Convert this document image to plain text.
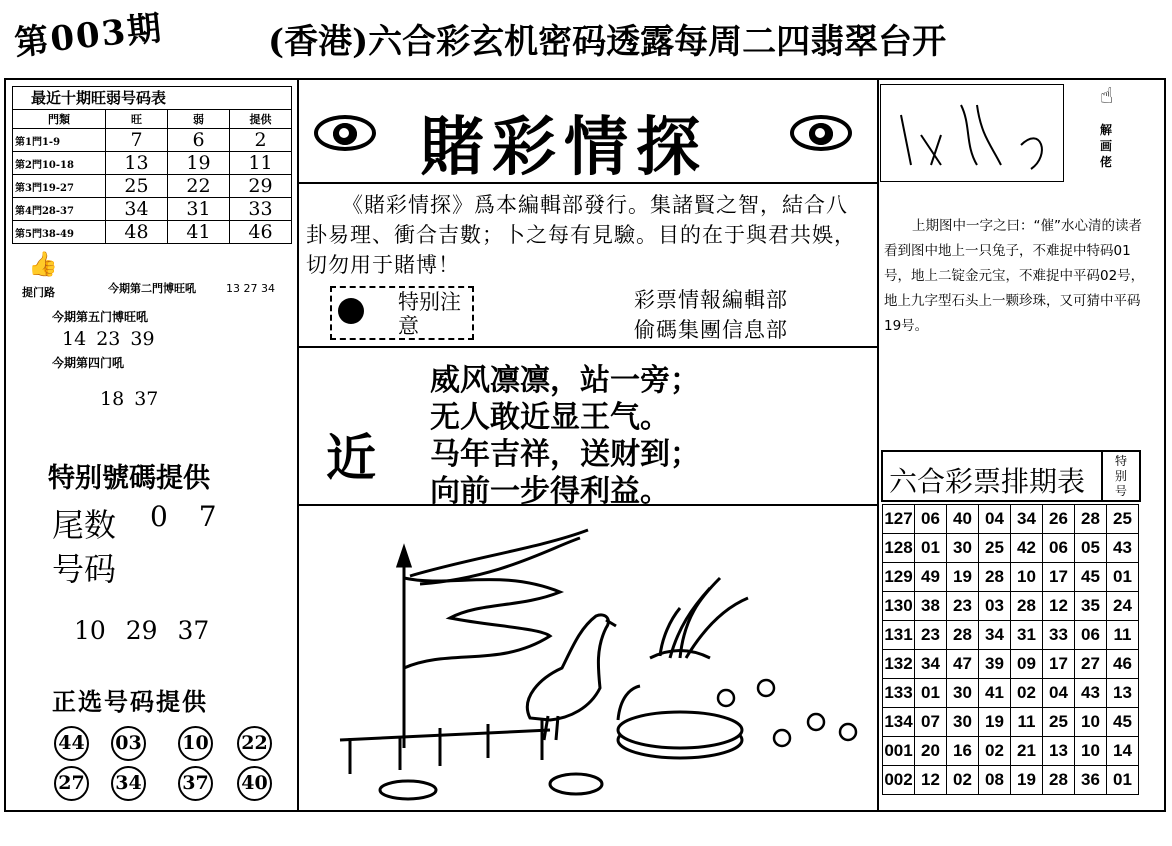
第003期	(香港)六合彩玄机密码透露每周二四翡翠台开
最近十期旺弱号码表
門類	旺	弱	提供
第1門1-9	7	6	2
第2門10-18	13	19	11
第3門19-27	25	22	29
第4門28-37	34	31	33
第5門38-49	48	41	46
👍
提门路	今期第二門博旺吼	13 27 34
今期第五门博旺吼
14 23 39
今期第四门吼
18 37
特别號碼提供
尾数 0 7
号码
10 29 37
正选号码提供
44 03 10 22
27 34 37 40
賭彩情探
《賭彩情探》爲本編輯部發行。集諸賢之智，結合八卦易理、衝合吉數；卜之每有見驗。目的在于與君共娛，切勿用于賭博！
特别注意
彩票情報編輯部
偷碼集團信息部
近
威风凛凛，站一旁；
无人敢近显王气。
马年吉祥，送财到；
向前一步得利益。
☝
解画佬
上期图中一字之曰：“催”水心清的读者看到图中地上一只兔子，不难捉中特码01号，地上二锭金元宝，不难捉中平码02号，地上九字型石头上一颗珍珠，又可猜中平码19号。
六合彩票排期表
特别号
127	06	40	04	34	26	28	25
128	01	30	25	42	06	05	43
129	49	19	28	10	17	45	01
130	38	23	03	28	12	35	24
131	23	28	34	31	33	06	11
132	34	47	39	09	17	27	46
133	01	30	41	02	04	43	13
134	07	30	19	11	25	10	45
001	20	16	02	21	13	10	14
002	12	02	08	19	28	36	01
